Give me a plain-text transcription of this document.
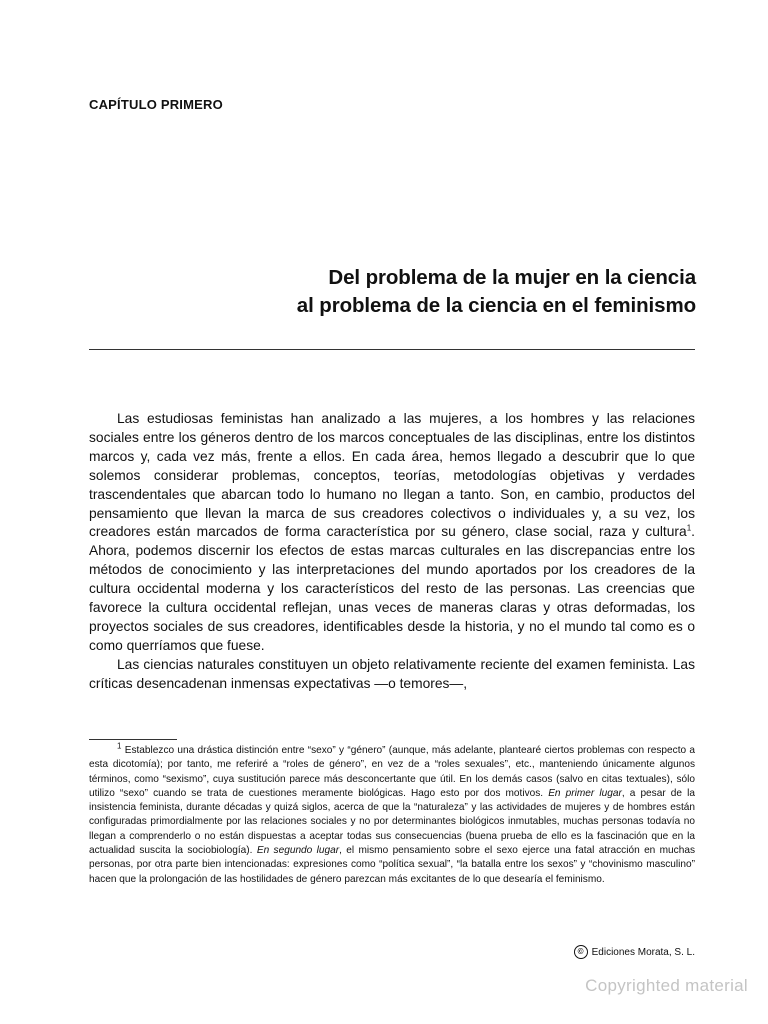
CAPÍTULO PRIMERO
Del problema de la mujer en la ciencia
al problema de la ciencia en el feminismo

Las estudiosas feministas han analizado a las mujeres, a los hombres y las relaciones sociales entre los géneros dentro de los marcos conceptuales de las disciplinas, entre los distintos marcos y, cada vez más, frente a ellos. En cada área, hemos llegado a descubrir que lo que solemos considerar problemas, conceptos, teorías, metodologías objetivas y verdades trascendentales que abarcan todo lo humano no llegan a tanto. Son, en cambio, productos del pensamiento que llevan la marca de sus creadores colectivos o individuales y, a su vez, los creadores están marcados de forma característica por su género, clase social, raza y cultura$^1$. Ahora, podemos discernir los efectos de estas marcas culturales en las discrepancias entre los métodos de conocimiento y las interpretaciones del mundo aportados por los creadores de la cultura occidental moderna y los característicos del resto de las personas. Las creencias que favorece la cultura occidental reflejan, unas veces de maneras claras y otras deformadas, los proyectos sociales de sus creadores, identificables desde la historia, y no el mundo tal como es o como querríamos que fuese.

Las ciencias naturales constituyen un objeto relativamente reciente del examen feminista. Las críticas desencadenan inmensas expectativas —o temores—,

$^1$ Establezco una drástica distinción entre “sexo” y “género” (aunque, más adelante, plantearé ciertos problemas con respecto a esta dicotomía); por tanto, me referiré a “roles de género”, en vez de a “roles sexuales”, etc., manteniendo únicamente algunos términos, como “sexismo”, cuya sustitución parece más desconcertante que útil. En los demás casos (salvo en citas textuales), sólo utilizo “sexo” cuando se trata de cuestiones meramente biológicas. Hago esto por dos motivos. En primer lugar, a pesar de la insistencia feminista, durante décadas y quizá siglos, acerca de que la “naturaleza” y las actividades de mujeres y de hombres están configuradas primordialmente por las relaciones sociales y no por determinantes biológicos inmutables, muchas personas todavía no llegan a comprenderlo o no están dispuestas a aceptar todas sus consecuencias (buena prueba de ello es la fascinación que en la actualidad suscita la sociobiología). En segundo lugar, el mismo pensamiento sobre el sexo ejerce una fatal atracción en muchas personas, por otra parte bien intencionadas: expresiones como “política sexual”, “la batalla entre los sexos” y “chovinismo masculino” hacen que la prolongación de las hostilidades de género parezcan más excitantes de lo que desearía el feminismo.

© Ediciones Morata, S. L.
Copyrighted material
